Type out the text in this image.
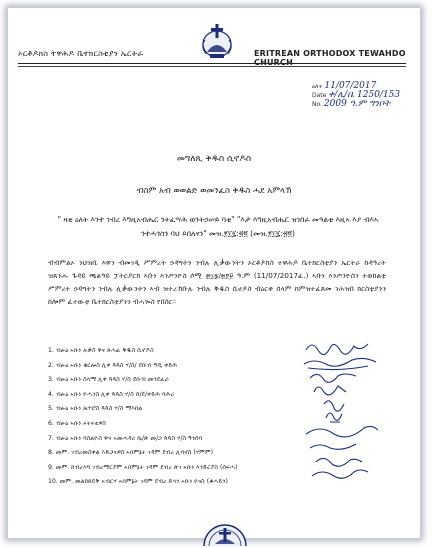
ኦርቶዶክስ ተዋሕዶ ቤተክርስቲያን ኤርትራ	ERITREAN ORTHODOX TEWAHDO CHURCH
ዕለት 11/07/2017
Date ቀ/ሊ/ቤ 1250/153
No. 2009 ዓ.ም ግንቦት
መግለጺ ቅዱስ ሲኖዶስ
ብስም አብ ወወልድ ወመንፈስ ቅዱስ ሓደ አምላኽ
" ዛቲ ዕለት እንተ ገብረ እግዚአብሔር ንትፈሣሕ ወንትኃሠይ ባቲ" "እታ እግዚአብሔር ዝገበራ መዓልቲ እዚኣ እያ ብእኣ ንተሓጎስን ባህ ይበለናን" መዝ.፻፲፯:፳፬ (መዝ.፻፲፯:፳፬)
ብብምልኦ ንህዝቢ እዋን ብመገዲ ሥምረት ኃዳግትን ንብሉ ሊቃውንትን ኦርቶዶክስ ተዋሕዶ ቤተክርስቲያን ኤርትራ ከዳዓረት ዝጸንሑ ጉዳይ ጫልዓይ ፓትርያርክ ኣቡነ እንጦንዮስ ሶሚ ፳፲፮/፳፻፱ ዓ.ም (11/07/2017ፈ.) ኣቡነ እንጦንዮስን ተወከልቲ ሥምረተ ኃዳግትን ንብሉ ሊቃውንትን ኣብ ዝተረኸቡሉ ንብሉ ቅዱስ ሲኖዶስ ብዕርቀ ሰላም ከምዝተፈጸመ ንሕዝበ ክርስቲያንን ከሎም ፈተውቲ ቤተክርስቲያንን ብሓጐስ የበስር።
1. ብፁዕ ኣቡነ ሉቃስ ዋና ጸሓፊ ቅዱስ ሲኖዶስ
2. ብፁዕ ኣቡነ ቄርሎስ ሊቀ ጳጳስ ሃ/ስ/ ደቡብ ዓዲ ቀይሕ
3. ብፁዕ ኣቡነ ስላማ ሊቀ ጳጳስ ሃ/ስ ደቡብ መንደፈራ
4. ብፁዕ ኣቡነ ዮሓንስ ሊቀ ጳጳስ ሃ/ስ ሰ/ደ/ቀይሕ ባሕሪ
5. ብፁዕ ኣቡነ ጴጥሮስ ጳጳስ ሃ/ስ ማእከል
6. ብፁዕ ኣቡነ ኣትናቴዎስ
7. ብፁዕ ኣቡነ ባስልዮስ ዋና ኣመሓዳሪ ቤ/ጽ መ/ጋ ጳጳስ ሃ/ስ ዓንሰባ
8. መም. ገብረመስቀል እድጋናዎስ ኣበምኔት ገዳም ደብረ ሊባኖስ (ሃምም)
9. መም. ክብረእግ ገብረማርያም ኣበምኔት ገዳም ደብረ ጽገ ኣቡነ እንድርያስ (ሰፍሓ)
10. መም. መልከጸዴቅ ኣብርሃ ኣበምኔት ገዳም ደብረ ድጓን ኣቡነ ዮናስ (ቆሓይን)
